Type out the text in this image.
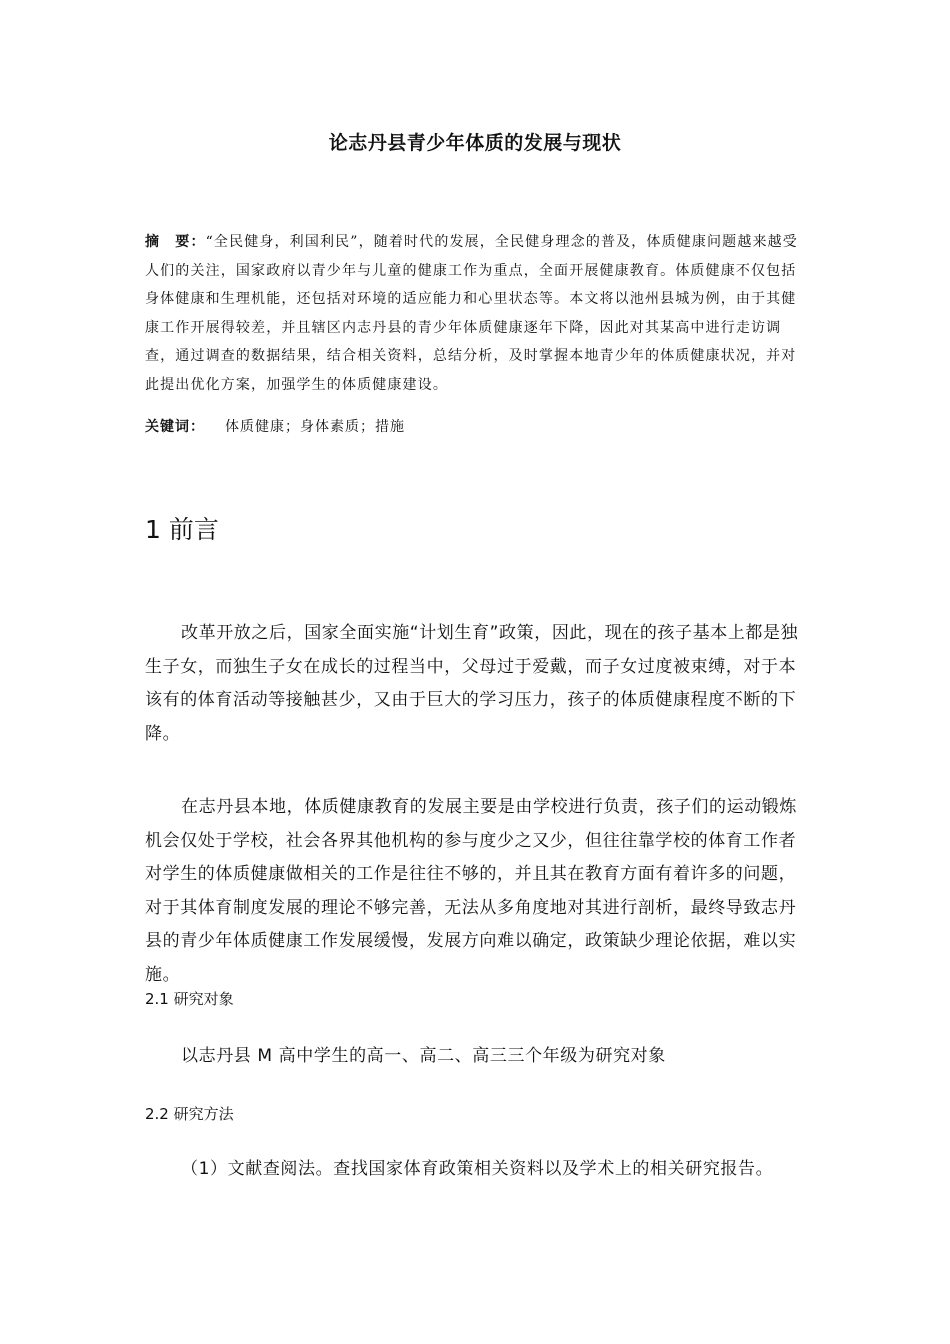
论志丹县青少年体质的发展与现状
摘　要：“全民健身，利国利民”，随着时代的发展，全民健身理念的普及，体质健康问题越来越受人们的关注，国家政府以青少年与儿童的健康工作为重点，全面开展健康教育。体质健康不仅包括身体健康和生理机能，还包括对环境的适应能力和心里状态等。本文将以池州县城为例，由于其健康工作开展得较差，并且辖区内志丹县的青少年体质健康逐年下降，因此对其某高中进行走访调查，通过调查的数据结果，结合相关资料，总结分析，及时掌握本地青少年的体质健康状况，并对此提出优化方案，加强学生的体质健康建设。
关键词： 体质健康；身体素质；措施
1 前言
改革开放之后，国家全面实施“计划生育”政策，因此，现在的孩子基本上都是独生子女，而独生子女在成长的过程当中，父母过于爱戴，而子女过度被束缚，对于本该有的体育活动等接触甚少，又由于巨大的学习压力，孩子的体质健康程度不断的下降。
在志丹县本地，体质健康教育的发展主要是由学校进行负责，孩子们的运动锻炼机会仅处于学校，社会各界其他机构的参与度少之又少，但往往靠学校的体育工作者对学生的体质健康做相关的工作是往往不够的，并且其在教育方面有着许多的问题，对于其体育制度发展的理论不够完善，无法从多角度地对其进行剖析，最终导致志丹县的青少年体质健康工作发展缓慢，发展方向难以确定，政策缺少理论依据，难以实施。
2.1 研究对象
以志丹县 M 高中学生的高一、高二、高三三个年级为研究对象
2.2 研究方法
（1）文献查阅法。查找国家体育政策相关资料以及学术上的相关研究报告。
